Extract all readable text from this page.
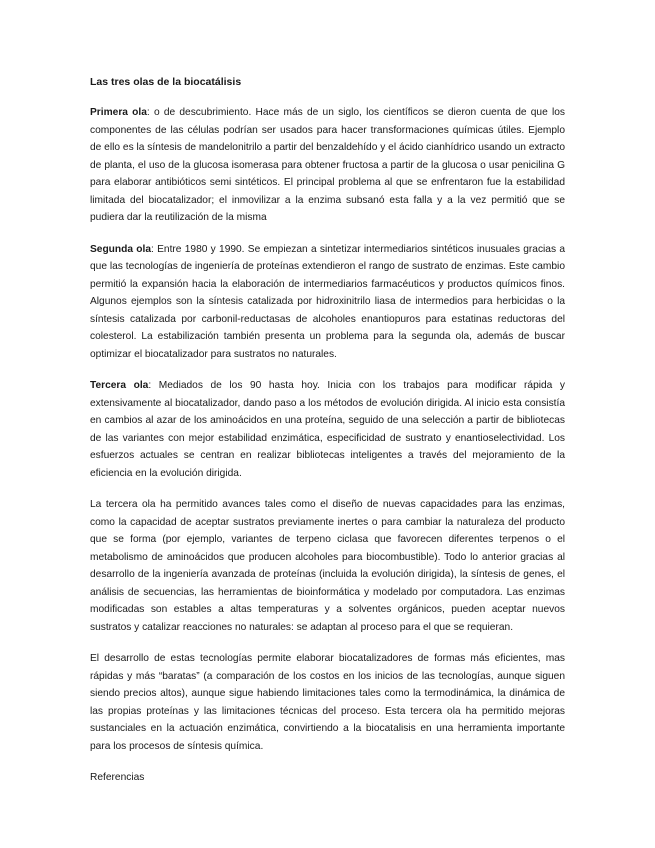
Las tres olas de la biocatálisis

Primera ola: o de descubrimiento. Hace más de un siglo, los científicos se dieron cuenta de que los componentes de las células podrían ser usados para hacer transformaciones químicas útiles. Ejemplo de ello es la síntesis de mandelonitrilo a partir del benzaldehído y el ácido cianhídrico usando un extracto de planta, el uso de la glucosa isomerasa para obtener fructosa a partir de la glucosa o usar penicilina G para elaborar antibióticos semi sintéticos. El principal problema al que se enfrentaron fue la estabilidad limitada del biocatalizador; el inmovilizar a la enzima subsanó esta falla y a la vez permitió que se pudiera dar la reutilización de la misma

Segunda ola: Entre 1980 y 1990. Se empiezan a sintetizar intermediarios sintéticos inusuales gracias a que las tecnologías de ingeniería de proteínas extendieron el rango de sustrato de enzimas. Este cambio permitió la expansión hacia la elaboración de intermediarios farmacéuticos y productos químicos finos. Algunos ejemplos son la síntesis catalizada por hidroxinitrilo liasa de intermedios para herbicidas o la síntesis catalizada por carbonil-reductasas de alcoholes enantiopuros para estatinas reductoras del colesterol. La estabilización también presenta un problema para la segunda ola, además de buscar optimizar el biocatalizador para sustratos no naturales.

Tercera ola: Mediados de los 90 hasta hoy. Inicia con los trabajos para modificar rápida y extensivamente al biocatalizador, dando paso a los métodos de evolución dirigida. Al inicio esta consistía en cambios al azar de los aminoácidos en una proteína, seguido de una selección a partir de bibliotecas de las variantes con mejor estabilidad enzimática, especificidad de sustrato y enantioselectividad. Los esfuerzos actuales se centran en realizar bibliotecas inteligentes a través del mejoramiento de la eficiencia en la evolución dirigida.

La tercera ola ha permitido avances tales como el diseño de nuevas capacidades para las enzimas, como la capacidad de aceptar sustratos previamente inertes o para cambiar la naturaleza del producto que se forma (por ejemplo, variantes de terpeno ciclasa que favorecen diferentes terpenos o el metabolismo de aminoácidos que producen alcoholes para biocombustible). Todo lo anterior gracias al desarrollo de la ingeniería avanzada de proteínas (incluida la evolución dirigida), la síntesis de genes, el análisis de secuencias, las herramientas de bioinformática y modelado por computadora. Las enzimas modificadas son estables a altas temperaturas y a solventes orgánicos, pueden aceptar nuevos sustratos y catalizar reacciones no naturales: se adaptan al proceso para el que se requieran.

El desarrollo de estas tecnologías permite elaborar biocatalizadores de formas más eficientes, mas rápidas y más “baratas” (a comparación de los costos en los inicios de las tecnologías, aunque siguen siendo precios altos), aunque sigue habiendo limitaciones tales como la termodinámica, la dinámica de las propias proteínas y las limitaciones técnicas del proceso. Esta tercera ola ha permitido mejoras sustanciales en la actuación enzimática, convirtiendo a la biocatalisis en una herramienta importante para los procesos de síntesis química.

Referencias
